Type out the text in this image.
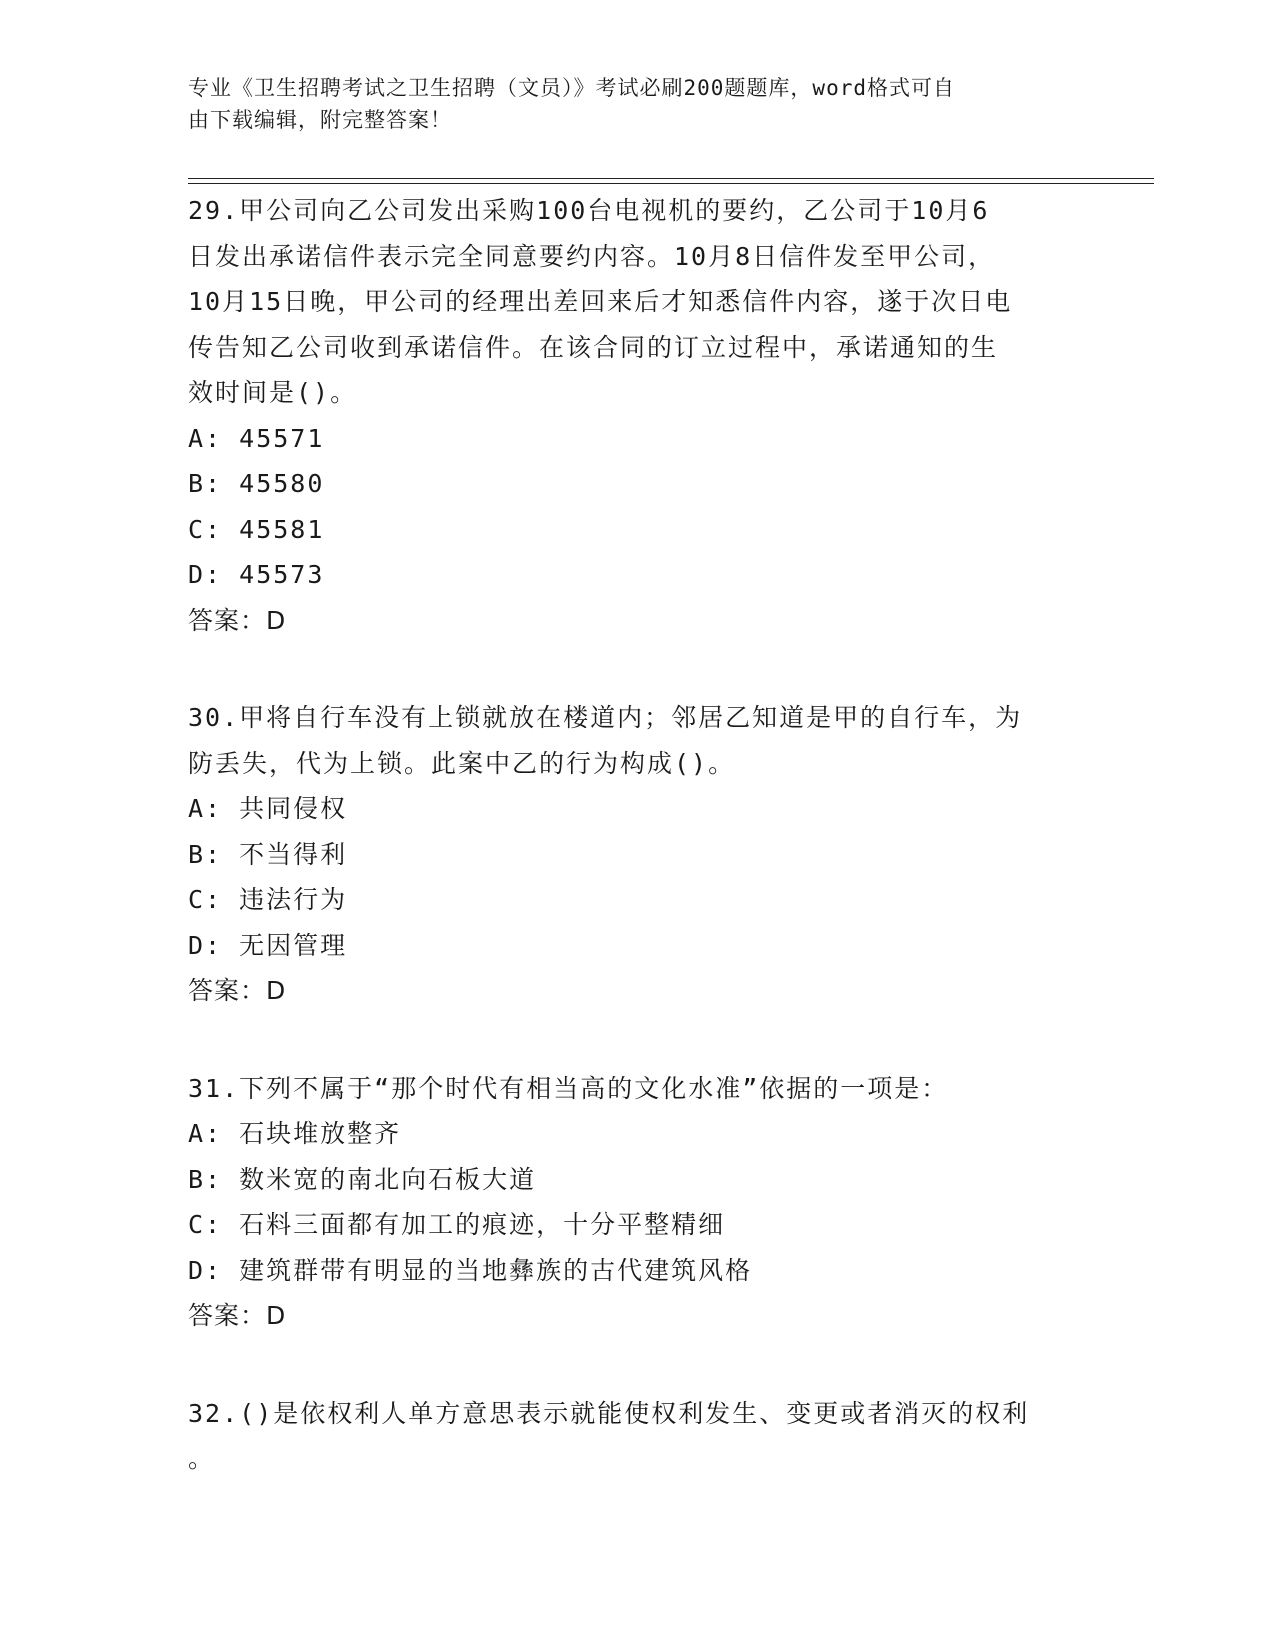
专业《卫生招聘考试之卫生招聘（文员）》考试必刷200题题库，word格式可自
由下载编辑，附完整答案！
29.甲公司向乙公司发出采购100台电视机的要约，乙公司于10月6
日发出承诺信件表示完全同意要约内容。10月8日信件发至甲公司，
10月15日晚，甲公司的经理出差回来后才知悉信件内容，遂于次日电
传告知乙公司收到承诺信件。在该合同的订立过程中，承诺通知的生
效时间是()。
A: 45571
B: 45580
C: 45581
D: 45573
答案：D
30.甲将自行车没有上锁就放在楼道内；邻居乙知道是甲的自行车，为
防丢失，代为上锁。此案中乙的行为构成()。
A: 共同侵权
B: 不当得利
C: 违法行为
D: 无因管理
答案：D
31.下列不属于“那个时代有相当高的文化水准”依据的一项是：
A: 石块堆放整齐
B: 数米宽的南北向石板大道
C: 石料三面都有加工的痕迹，十分平整精细
D: 建筑群带有明显的当地彝族的古代建筑风格
答案：D
32.()是依权利人单方意思表示就能使权利发生、变更或者消灭的权利
。
